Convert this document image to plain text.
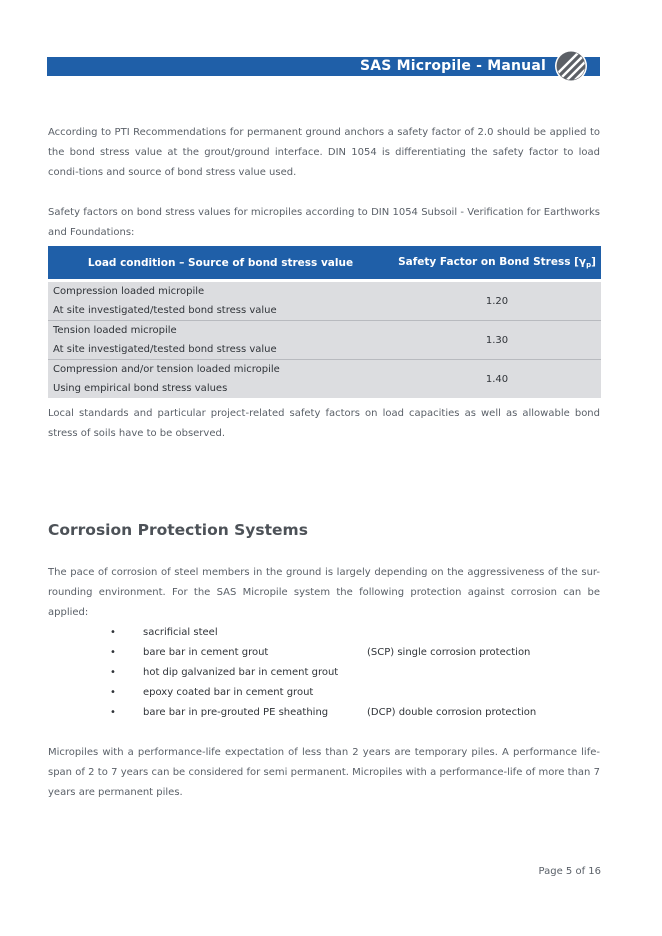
SAS Micropile - Manual

According to PTI Recommendations for permanent ground anchors a safety factor of 2.0 should be applied to the bond stress value at the grout/ground interface. DIN 1054 is differentiating the safety factor to load condi-tions and source of bond stress value used.

Safety factors on bond stress values for micropiles according to DIN 1054 Subsoil - Verification for Earthworks and Foundations:

Load condition – Source of bond stress value	Safety Factor on Bond Stress $[\gamma_p]$

Compression loaded micropile
At site investigated/tested bond stress value	1.20

Tension loaded micropile
At site investigated/tested bond stress value	1.30

Compression and/or tension loaded micropile
Using empirical bond stress values	1.40

Local standards and particular project-related safety factors on load capacities as well as allowable bond stress of soils have to be observed.

Corrosion Protection Systems

The pace of corrosion of steel members in the ground is largely depending on the aggressiveness of the sur-rounding environment. For the SAS Micropile system the following protection against corrosion can be applied:

•	sacrificial steel
•	bare bar in cement grout	(SCP) single corrosion protection
•	hot dip galvanized bar in cement grout
•	epoxy coated bar in cement grout
•	bare bar in pre-grouted PE sheathing	(DCP) double corrosion protection

Micropiles with a performance-life expectation of less than 2 years are temporary piles. A performance life-span of 2 to 7 years can be considered for semi permanent. Micropiles with a performance-life of more than 7 years are permanent piles.

Page 5 of 16
